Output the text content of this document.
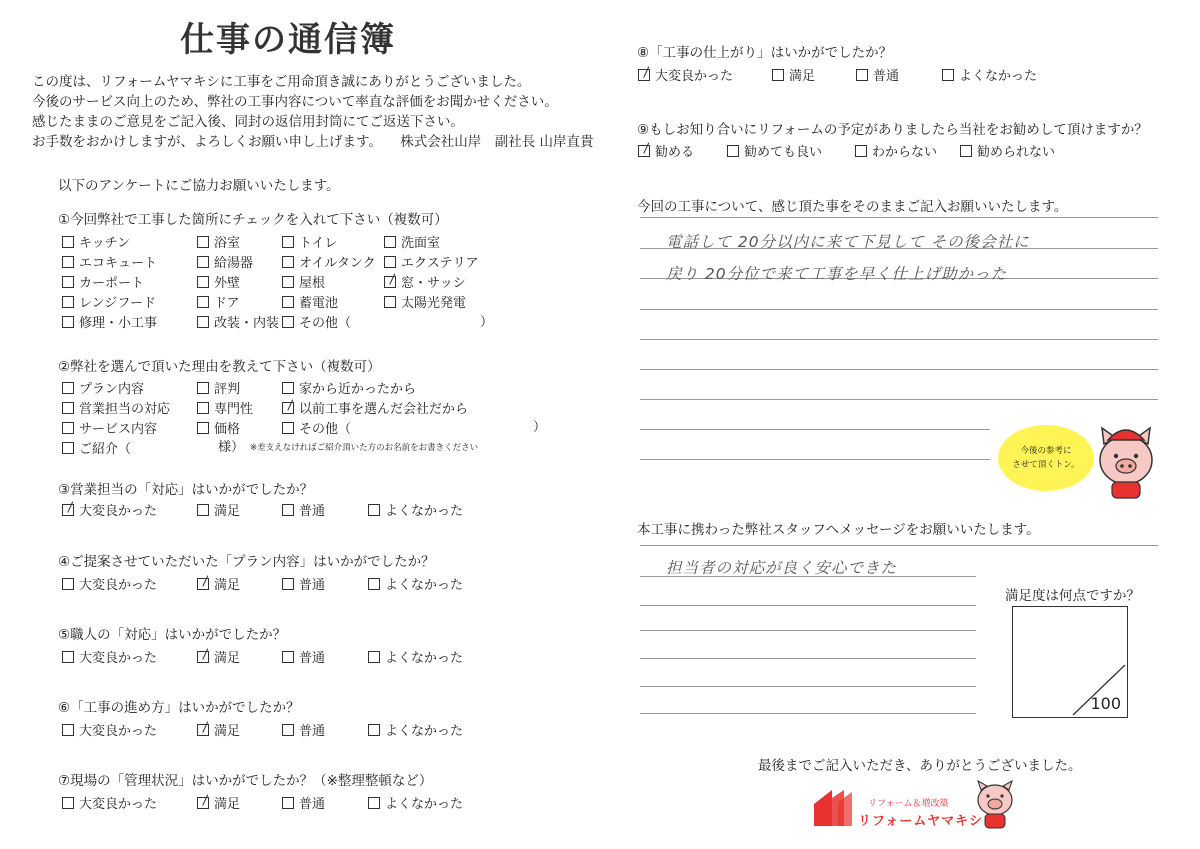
仕事の通信簿
この度は、リフォームヤマキシに工事をご用命頂き誠にありがとうございました。
今後のサービス向上のため、弊社の工事内容について率直な評価をお聞かせください。
感じたままのご意見をご記入後、同封の返信用封筒にてご返送下さい。
お手数をおかけしますが、よろしくお願い申し上げます。 株式会社山岸　副社長 山岸直貴
以下のアンケートにご協力お願いいたします。
①今回弊社で工事した箇所にチェックを入れて下さい（複数可）
キッチン	浴室	トイレ	洗面室
エコキュート	給湯器	オイルタンク エクステリア
カーポート	外壁	屋根	窓・サッシ
レンジフード	ドア	蓄電池	太陽光発電
修理・小工事	改装・内装 その他（	）
②弊社を選んで頂いた理由を教えて下さい（複数可）
プラン内容	評判	家から近かったから
営業担当の対応	専門性	以前工事を選んだ会社だから
サービス内容	価格	その他（
ご紹介（
）
様） ※差支えなければご紹介頂いた方のお名前をお書きください
③営業担当の「対応」はいかがでしたか？
大変良かった	満足	普通	よくなかった
④ご提案させていただいた「プラン内容」はいかがでしたか？
大変良かった	満足	普通	よくなかった
⑤職人の「対応」はいかがでしたか？
大変良かった	満足	普通	よくなかった
⑥「工事の進め方」はいかがでしたか？
大変良かった	満足	普通	よくなかった
⑦現場の「管理状況」はいかがでしたか？（※整理整頓など）
大変良かった	満足	普通	よくなかった
⑧「工事の仕上がり」はいかがでしたか？
大変良かった	満足	普通	よくなかった
⑨もしお知り合いにリフォームの予定がありましたら当社をお勧めして頂けますか？
勧める	勧めても良い	わからない	勧められない
今回の工事について、感じ頂た事をそのままご記入お願いいたします。
電話して 20分以内に来て下見して その後会社に
戻り 20分位で来て工事を早く仕上げ助かった
今後の参考に
させて頂くトン。
本工事に携わった弊社スタッフへメッセージをお願いいたします。
担当者の対応が良く安心できた
満足度は何点ですか？
100
最後までご記入いただき、ありがとうございました。
リフォーム＆増改築
リフォームヤマキシ
